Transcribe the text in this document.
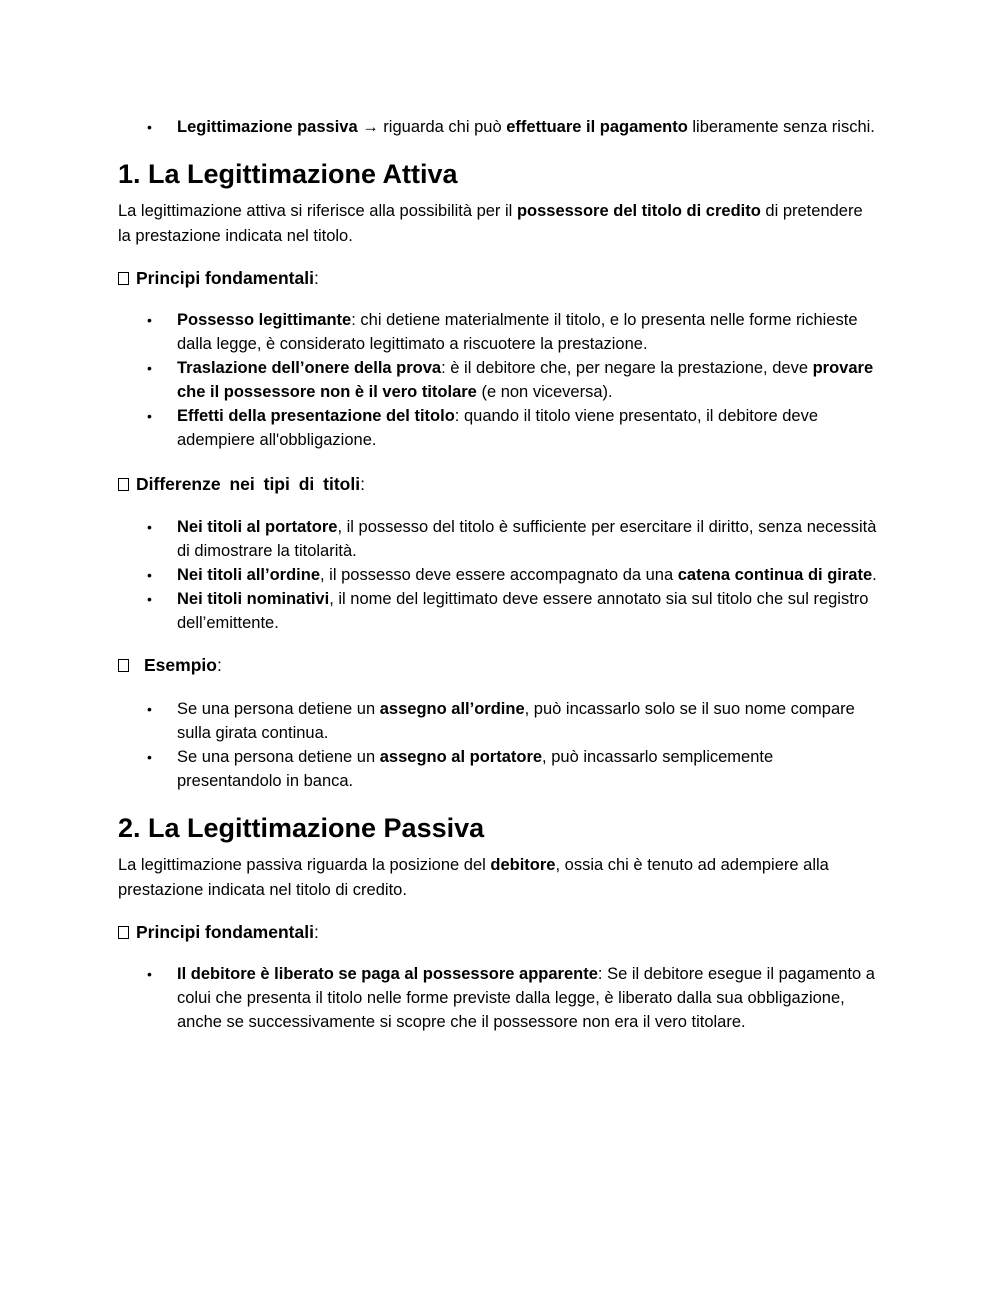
• Legittimazione passiva → riguarda chi può effettuare il pagamento liberamente senza rischi.
1. La Legittimazione Attiva

La legittimazione attiva si riferisce alla possibilità per il possessore del titolo di credito di pretendere la prestazione indicata nel titolo.

Principi fondamentali:

• Possesso legittimante: chi detiene materialmente il titolo, e lo presenta nelle forme richieste dalla legge, è considerato legittimato a riscuotere la prestazione.
• Traslazione dell’onere della prova: è il debitore che, per negare la prestazione, deve provare che il possessore non è il vero titolare (e non viceversa).
• Effetti della presentazione del titolo: quando il titolo viene presentato, il debitore deve adempiere all'obbligazione.

Differenze nei tipi di titoli:

• Nei titoli al portatore, il possesso del titolo è sufficiente per esercitare il diritto, senza necessità di dimostrare la titolarità.
• Nei titoli all’ordine, il possesso deve essere accompagnato da una catena continua di girate.
• Nei titoli nominativi, il nome del legittimato deve essere annotato sia sul titolo che sul registro dell’emittente.

Esempio:

• Se una persona detiene un assegno all’ordine, può incassarlo solo se il suo nome compare sulla girata continua.
• Se una persona detiene un assegno al portatore, può incassarlo semplicemente presentandolo in banca.
2. La Legittimazione Passiva

La legittimazione passiva riguarda la posizione del debitore, ossia chi è tenuto ad adempiere alla prestazione indicata nel titolo di credito.

Principi fondamentali:

• Il debitore è liberato se paga al possessore apparente: Se il debitore esegue il pagamento a colui che presenta il titolo nelle forme previste dalla legge, è liberato dalla sua obbligazione, anche se successivamente si scopre che il possessore non era il vero titolare.
